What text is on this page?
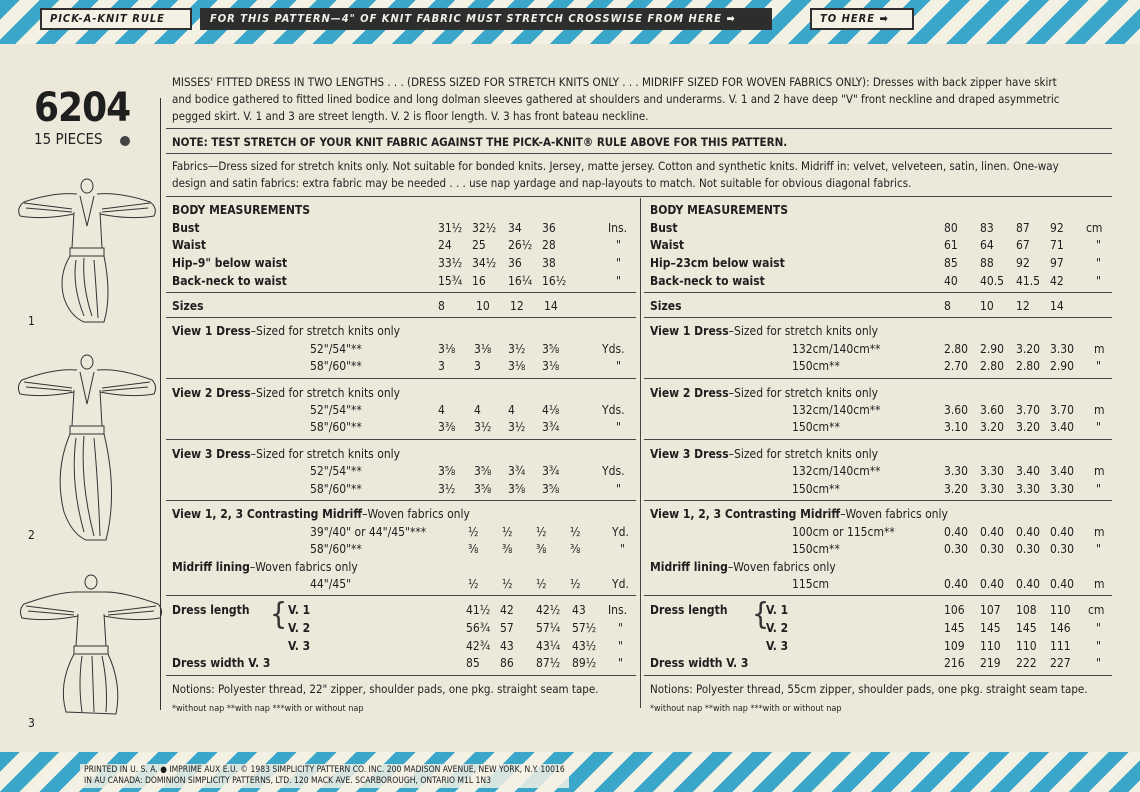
PICK-A-KNIT RULE	FOR THIS PATTERN—4" OF KNIT FABRIC MUST STRETCH CROSSWISE FROM HERE ➡	TO HERE ➡
6204
15 PIECES
1
2
3
MISSES' FITTED DRESS IN TWO LENGTHS . . . (DRESS SIZED FOR STRETCH KNITS ONLY . . . MIDRIFF SIZED FOR WOVEN FABRICS ONLY): Dresses with back zipper have skirt
and bodice gathered to fitted lined bodice and long dolman sleeves gathered at shoulders and underarms. V. 1 and 2 have deep "V" front neckline and draped asymmetric
pegged skirt. V. 1 and 3 are street length. V. 2 is floor length. V. 3 has front bateau neckline.
NOTE: TEST STRETCH OF YOUR KNIT FABRIC AGAINST THE PICK-A-KNIT® RULE ABOVE FOR THIS PATTERN.
Fabrics—Dress sized for stretch knits only. Not suitable for bonded knits. Jersey, matte jersey. Cotton and synthetic knits. Midriff in: velvet, velveteen, satin, linen. One-way
design and satin fabrics: extra fabric may be needed . . . use nap yardage and nap-layouts to match. Not suitable for obvious diagonal fabrics.
BODY MEASUREMENTS
Bust	31½ 32½ 34 36	Ins.
Waist	24 25 26½ 28	"
Hip–9" below waist	33½ 34½ 36 38	"
Back-neck to waist	15¾ 16 16¼ 16½	"
Sizes	8	10 12 14
View 1 Dress–Sized for stretch knits only
52"/54"**	3⅛ 3⅛ 3½ 3⅝	Yds.
58"/60"**	3 3 3⅛ 3⅛	"
View 2 Dress–Sized for stretch knits only
52"/54"**	4 4 4 4⅛	Yds.
58"/60"**	3⅜ 3½ 3½ 3¾	"
View 3 Dress–Sized for stretch knits only
52"/54"**	3⅝ 3⅝ 3¾ 3¾	Yds.
58"/60"**	3½ 3⅝ 3⅝ 3⅝	"
View 1, 2, 3 Contrasting Midriff–Woven fabrics only
39"/40" or 44"/45"***	½ ½ ½ ½	Yd.
58"/60"**	⅜ ⅜ ⅜ ⅜	"
Midriff lining–Woven fabrics only
44"/45"	½ ½ ½ ½	Yd.
Dress length { V. 1	41½ 42 42½ 43 Ins.
V. 2	56¾ 57 57¼ 57½ "
V. 3	42¾ 43 43¼ 43½ "
Dress width V. 3	85 86 87½ 89½ "
Notions: Polyester thread, 22" zipper, shoulder pads, one pkg. straight seam tape.
*without nap **with nap ***with or without nap
BODY MEASUREMENTS
Bust	80 83 87 92 cm
Waist	61 64 67 71	"
Hip–23cm below waist	85 88 92 97	"
Back-neck to waist	40 40.5 41.5 42	"
Sizes	8 10 12 14
View 1 Dress–Sized for stretch knits only
132cm/140cm**	2.80 2.90 3.20 3.30 m
150cm**	2.70 2.80 2.80 2.90 "
View 2 Dress–Sized for stretch knits only
132cm/140cm**	3.60 3.60 3.70 3.70 m
150cm**	3.10 3.20 3.20 3.40 "
View 3 Dress–Sized for stretch knits only
132cm/140cm**	3.30 3.30 3.40 3.40 m
150cm**	3.20 3.30 3.30 3.30 "
View 1, 2, 3 Contrasting Midriff–Woven fabrics only
100cm or 115cm**	0.40 0.40 0.40 0.40 m
150cm**	0.30 0.30 0.30 0.30 "
Midriff lining–Woven fabrics only
115cm	0.40 0.40 0.40 0.40 m
Dress length {
V. 1	106 107 108 110 cm
V. 2	145 145 145 146 "
V. 3	109 110 110 111 "
Dress width V. 3	216 219 222 227 "
Notions: Polyester thread, 55cm zipper, shoulder pads, one pkg. straight seam tape.
*without nap **with nap ***with or without nap
PRINTED IN U. S. A. ● IMPRIME AUX E.U. © 1983 SIMPLICITY PATTERN CO. INC. 200 MADISON AVENUE, NEW YORK, N.Y. 10016
IN AU CANADA: DOMINION SIMPLICITY PATTERNS, LTD. 120 MACK AVE. SCARBOROUGH, ONTARIO M1L 1N3
